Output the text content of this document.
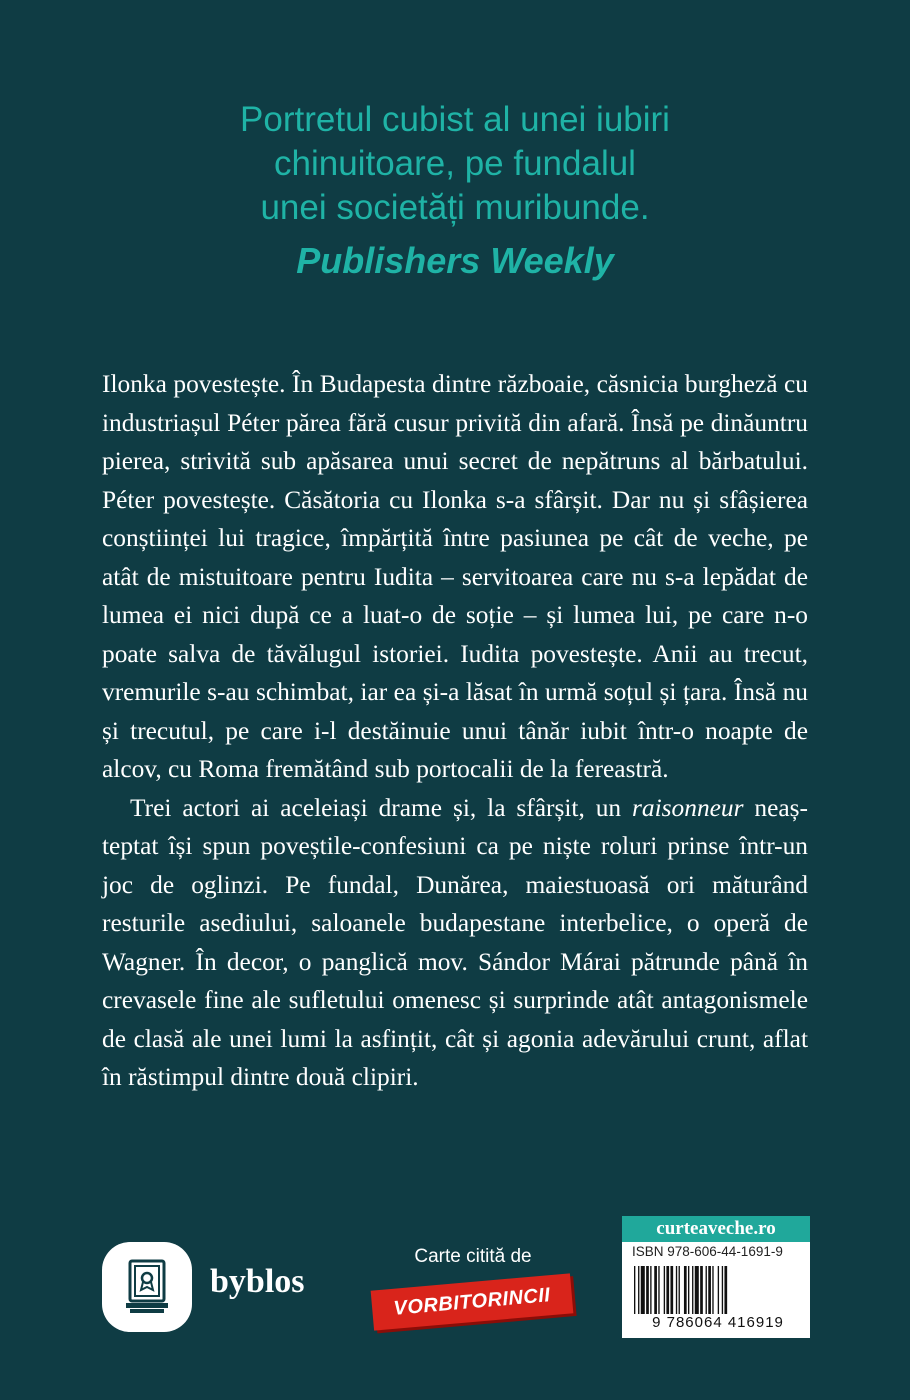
Portretul cubist al unei iubiri
chinuitoare, pe fundalul
unei societăți muribunde.
Publishers Weekly

Ilonka povestește. În Budapesta dintre războaie, căsnicia burgheză cu industriașul Péter părea fără cusur privită din afară. Însă pe dinăuntru pierea, strivită sub apăsarea unui secret de nepătruns al bărbatului. Péter povestește. Căsătoria cu Ilonka s-a sfârșit. Dar nu și sfâșierea conștiinței lui tragice, împărțită între pasiunea pe cât de veche, pe atât de mistuitoare pentru Iudita – servitoarea care nu s-a lepădat de lumea ei nici după ce a luat-o de soție – și lumea lui, pe care n-o poate salva de tăvălugul istoriei. Iudita povestește. Anii au trecut, vremurile s-au schimbat, iar ea și-a lăsat în urmă soțul și țara. Însă nu și trecutul, pe care i-l destăinuie unui tânăr iubit într-o noapte de alcov, cu Roma fremătând sub portocalii de la fereastră.

Trei actori ai aceleiași drame și, la sfârșit, un raisonneur neașteptat își spun poveștile-confesiuni ca pe niște roluri prinse într-un joc de oglinzi. Pe fundal, Dunărea, maiestuoasă ori măturând resturile asediului, saloanele budapestane interbelice, o operă de Wagner. În decor, o panglică mov. Sándor Márai pătrunde până în crevasele fine ale sufletului omenesc și surprinde atât antagonismele de clasă ale unei lumi la asfințit, cât și agonia adevărului crunt, aflat în răstimpul dintre două clipiri.

byblos
Carte citită de
VORBITORINCII
curteaveche.ro
ISBN 978-606-44-1691-9
9 786064 416919
